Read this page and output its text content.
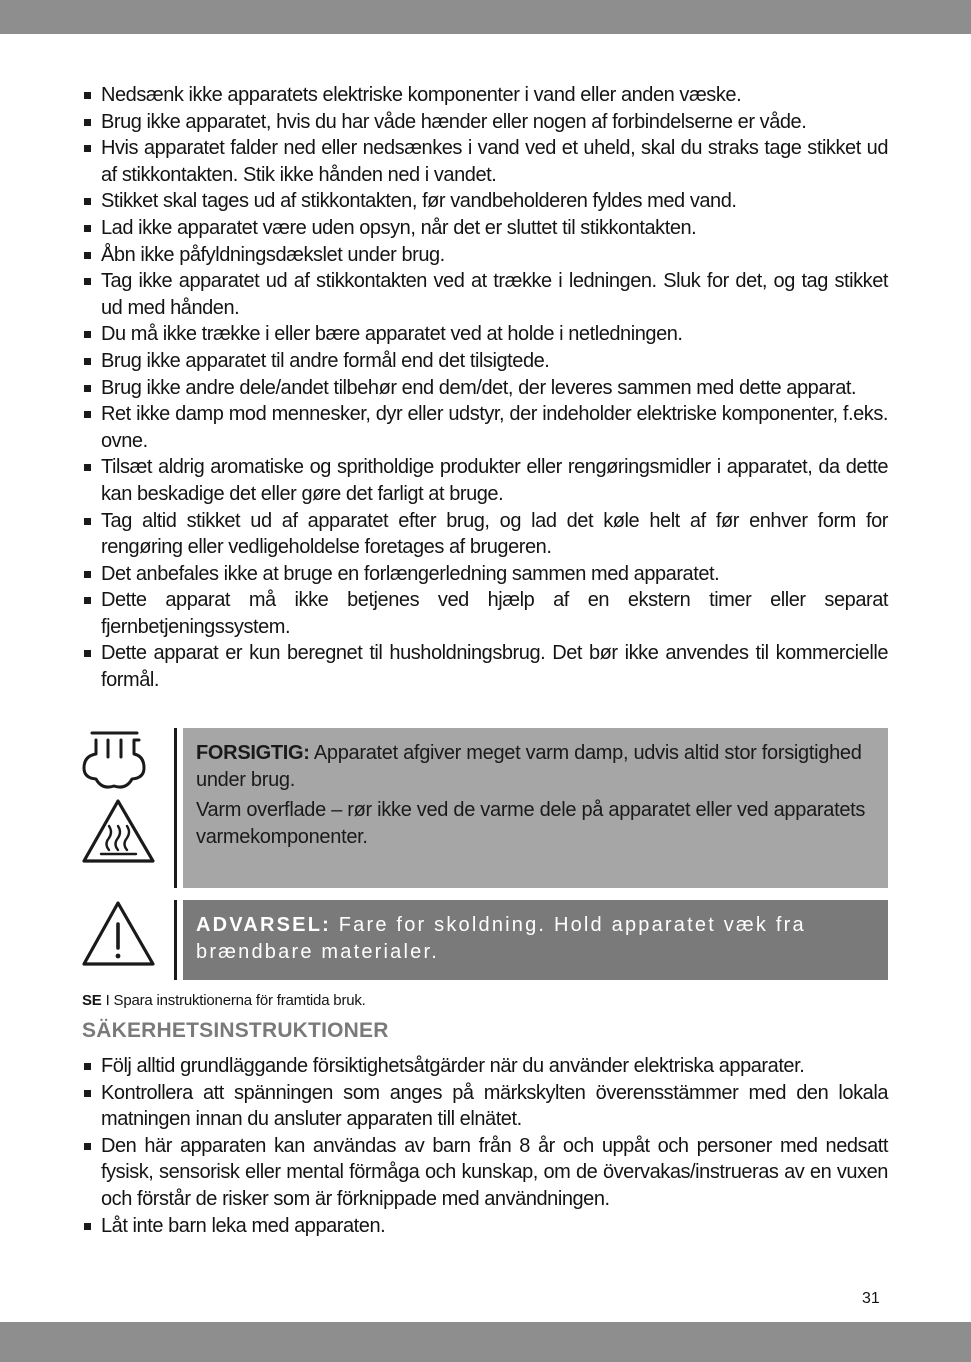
Nedsænk ikke apparatets elektriske komponenter i vand eller anden væske.
Brug ikke apparatet, hvis du har våde hænder eller nogen af forbindelserne er våde.
Hvis apparatet falder ned eller nedsænkes i vand ved et uheld, skal du straks tage stikket ud af stikkontakten. Stik ikke hånden ned i vandet.
Stikket skal tages ud af stikkontakten, før vandbeholderen fyldes med vand.
Lad ikke apparatet være uden opsyn, når det er sluttet til stikkontakten.
Åbn ikke påfyldningsdækslet under brug.
Tag ikke apparatet ud af stikkontakten ved at trække i ledningen. Sluk for det, og tag stikket ud med hånden.
Du må ikke trække i eller bære apparatet ved at holde i netledningen.
Brug ikke apparatet til andre formål end det tilsigtede.
Brug ikke andre dele/andet tilbehør end dem/det, der leveres sammen med dette apparat.
Ret ikke damp mod mennesker, dyr eller udstyr, der indeholder elektriske komponenter, f.eks. ovne.
Tilsæt aldrig aromatiske og spritholdige produkter eller rengøringsmidler i apparatet, da dette kan beskadige det eller gøre det farligt at bruge.
Tag altid stikket ud af apparatet efter brug, og lad det køle helt af før enhver form for rengøring eller vedligeholdelse foretages af brugeren.
Det anbefales ikke at bruge en forlængerledning sammen med apparatet.
Dette apparat må ikke betjenes ved hjælp af en ekstern timer eller separat fjernbetjeningssystem.
Dette apparat er kun beregnet til husholdningsbrug. Det bør ikke anvendes til kommercielle formål.

FORSIGTIG: Apparatet afgiver meget varm damp, udvis altid stor forsigtighed under brug.

Varm overflade – rør ikke ved de varme dele på apparatet eller ved apparatets varmekomponenter.

ADVARSEL: Fare for skoldning. Hold apparatet væk fra brændbare materialer.
SE I Spara instruktionerna för framtida bruk.
SÄKERHETSINSTRUKTIONER
Följ alltid grundläggande försiktighetsåtgärder när du använder elektriska apparater.
Kontrollera att spänningen som anges på märkskylten överensstämmer med den lokala matningen innan du ansluter apparaten till elnätet.
Den här apparaten kan användas av barn från 8 år och uppåt och personer med nedsatt fysisk, sensorisk eller mental förmåga och kunskap, om de övervakas/instrueras av en vuxen och förstår de risker som är förknippade med användningen.
Låt inte barn leka med apparaten.
31
